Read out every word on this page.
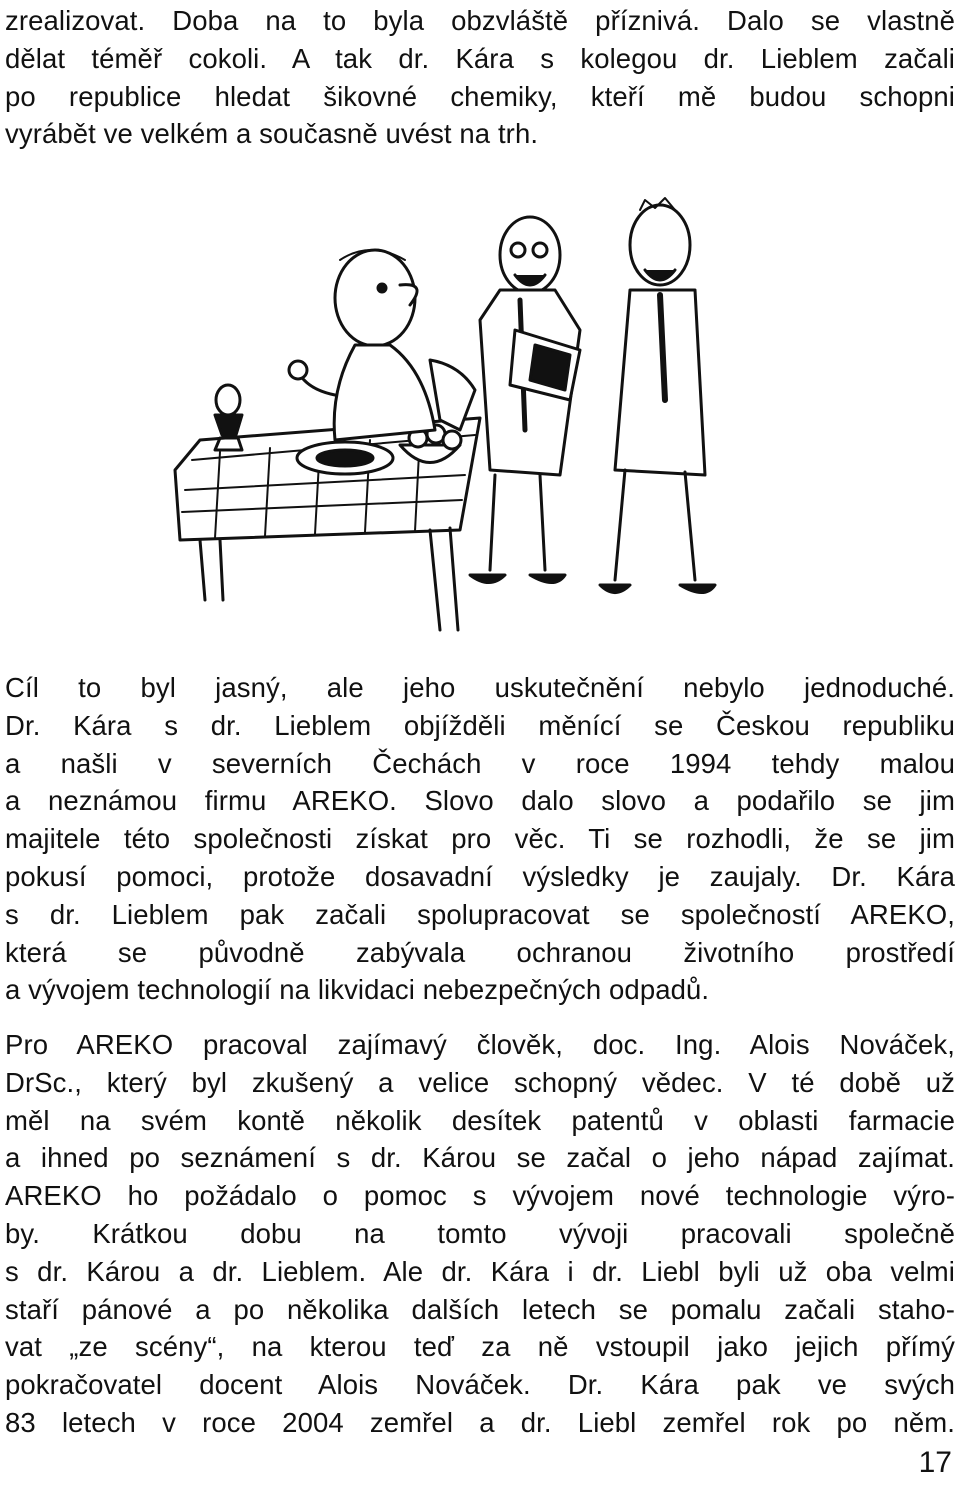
zrealizovat. Doba na to byla obzvláště příznivá. Dalo se vlastně
dělat téměř cokoli. A tak dr. Kára s kolegou dr. Lieblem začali
po republice hledat šikovné chemiky, kteří mě budou schopni
vyrábět ve velkém a současně uvést na trh.
Cíl to byl jasný, ale jeho uskutečnění nebylo jednoduché.
Dr. Kára s dr. Lieblem objížděli měnící se Českou republiku
a našli v severních Čechách v roce 1994 tehdy malou
a neznámou firmu AREKO. Slovo dalo slovo a podařilo se jim
majitele této společnosti získat pro věc. Ti se rozhodli, že se jim
pokusí pomoci, protože dosavadní výsledky je zaujaly. Dr. Kára
s dr. Lieblem pak začali spolupracovat se společností AREKO,
která se původně zabývala ochranou životního prostředí
a vývojem technologií na likvidaci nebezpečných odpadů.
Pro AREKO pracoval zajímavý člověk, doc. Ing. Alois Nováček,
DrSc., který byl zkušený a velice schopný vědec. V té době už
měl na svém kontě několik desítek patentů v oblasti farmacie
a ihned po seznámení s dr. Károu se začal o jeho nápad zajímat.
AREKO ho požádalo o pomoc s vývojem nové technologie výro-
by. Krátkou dobu na tomto vývoji pracovali společně
s dr. Károu a dr. Lieblem. Ale dr. Kára i dr. Liebl byli už oba velmi
staří pánové a po několika dalších letech se pomalu začali staho-
vat „ze scény“, na kterou teď za ně vstoupil jako jejich přímý
pokračovatel docent Alois Nováček. Dr. Kára pak ve svých
83 letech v roce 2004 zemřel a dr. Liebl zemřel rok po něm.
17
